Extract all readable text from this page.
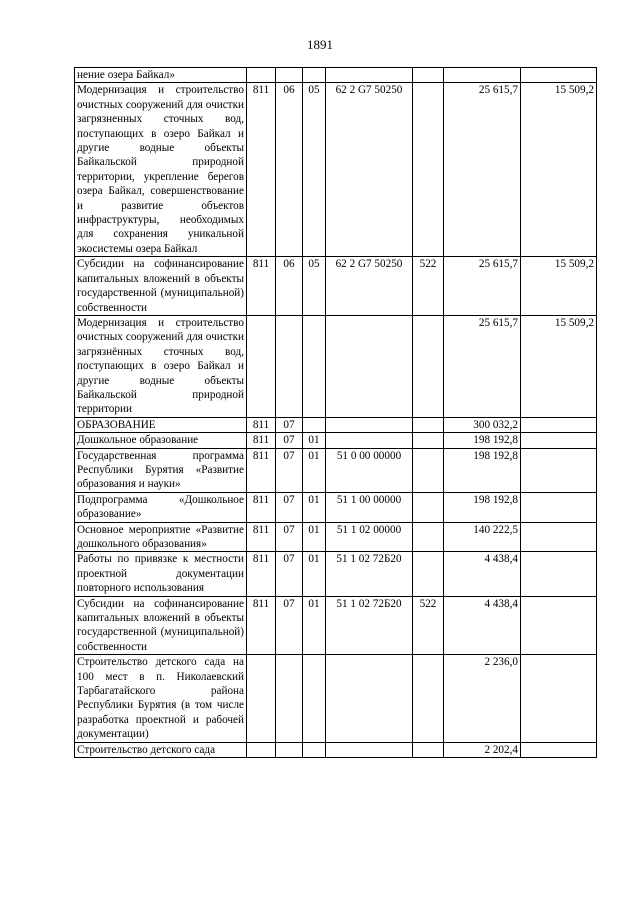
1891
нение озера Байкал»							
Модернизация и строительство очистных сооружений для очистки загрязненных сточных вод, поступающих в озеро Байкал и другие водные объекты Байкальской природной территории, укрепление берегов озера Байкал, совершенствование и развитие объектов инфраструктуры, необходимых для сохранения уникальной экосистемы озера Байкал	811	06	05	62 2 G7 50250		25 615,7	15 509,2
Субсидии на софинансирование капитальных вложений в объекты государственной (муниципальной) собственности	811	06	05	62 2 G7 50250	522	25 615,7	15 509,2
Модернизация и строительство очистных сооружений для очистки загрязнённых сточных вод, поступающих в озеро Байкал и другие водные объекты Байкальской природной территории						25 615,7	15 509,2
ОБРАЗОВАНИЕ	811	07				300 032,2	
Дошкольное образование	811	07	01			198 192,8	
Государственная программа Республики Бурятия «Развитие образования и науки»	811	07	01	51 0 00 00000		198 192,8	
Подпрограмма «Дошкольное образование»	811	07	01	51 1 00 00000		198 192,8	
Основное мероприятие «Развитие дошкольного образования»	811	07	01	51 1 02 00000		140 222,5	
Работы по привязке к местности проектной документации повторного использования	811	07	01	51 1 02 72Б20		4 438,4	
Субсидии на софинансирование капитальных вложений в объекты государственной (муниципальной) собственности	811	07	01	51 1 02 72Б20	522	4 438,4	
Строительство детского сада на 100 мест в п. Николаевский Тарбагатайского района Республики Бурятия (в том числе разработка проектной и рабочей документации)						2 236,0	
Строительство детского сада						2 202,4	
